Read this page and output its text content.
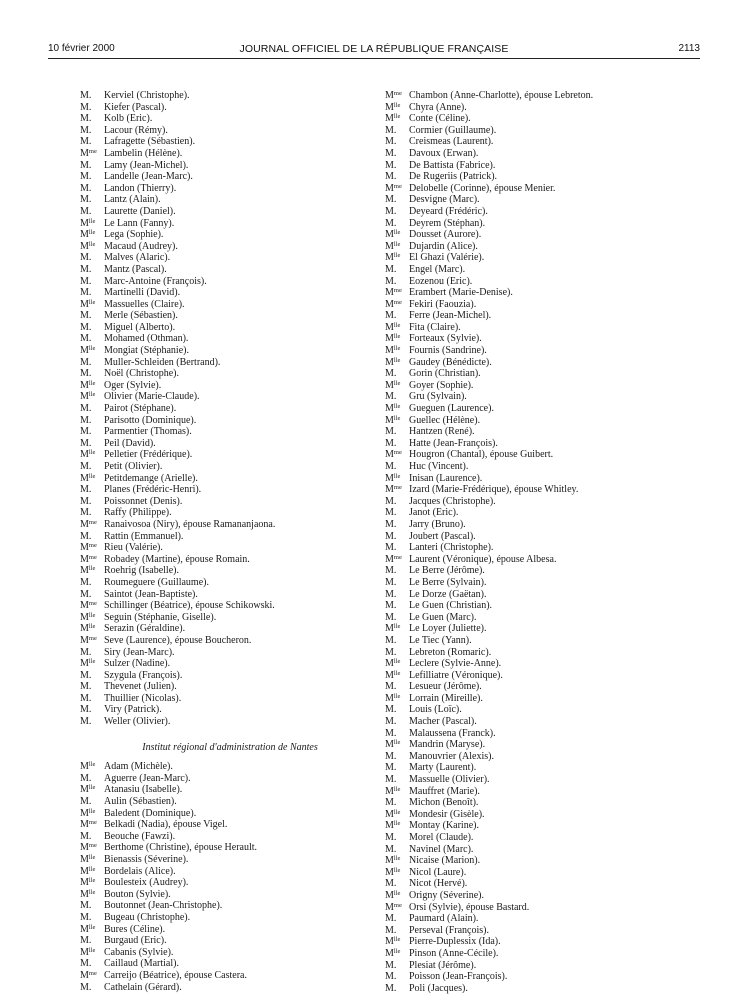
10 février 2000	JOURNAL OFFICIEL DE LA RÉPUBLIQUE FRANÇAISE	2113
M.	Kerviel (Christophe).
M.	Kiefer (Pascal).
M.	Kolb (Eric).
M.	Lacour (Rémy).
M.	Lafragette (Sébastien).
$M^{me}$ Lambelin (Hélène).
M.	Lamy (Jean-Michel).
M.	Landelle (Jean-Marc).
M.	Landon (Thierry).
M.	Lantz (Alain).
M.	Laurette (Daniel).
$M^{lle}$ Le Lann (Fanny).
$M^{lle}$ Lega (Sophie).
$M^{lle}$ Macaud (Audrey).
M.	Malves (Alaric).
M.	Mantz (Pascal).
M.	Marc-Antoine (François).
M.	Martinelli (David).
$M^{lle}$ Massuelles (Claire).
M.	Merle (Sébastien).
M.	Miguel (Alberto).
M.	Mohamed (Othman).
$M^{lle}$ Mongiat (Stéphanie).
M.	Muller-Schleiden (Bertrand).
M.	Noël (Christophe).
$M^{lle}$ Oger (Sylvie).
$M^{lle}$ Olivier (Marie-Claude).
M.	Pairot (Stéphane).
M.	Parisotto (Dominique).
M.	Parmentier (Thomas).
M.	Peil (David).
$M^{lle}$ Pelletier (Frédérique).
M.	Petit (Olivier).
$M^{lle}$ Petitdemange (Arielle).
M.	Planes (Frédéric-Henri).
M.	Poissonnet (Denis).
M.	Raffy (Philippe).
$M^{me}$ Ranaivosoa (Niry), épouse Ramananjaona.
M.	Rattin (Emmanuel).
$M^{me}$ Rieu (Valérie).
$M^{me}$ Robadey (Martine), épouse Romain.
$M^{lle}$ Roehrig (Isabelle).
M.	Roumeguere (Guillaume).
M.	Saintot (Jean-Baptiste).
$M^{me}$ Schillinger (Béatrice), épouse Schikowski.
$M^{lle}$ Seguin (Stéphanie, Giselle).
$M^{lle}$ Serazin (Géraldine).
$M^{me}$ Seve (Laurence), épouse Boucheron.
M.	Siry (Jean-Marc).
$M^{lle}$ Sulzer (Nadine).
M.	Szygula (François).
M.	Thevenet (Julien).
M.	Thuillier (Nicolas).
M.	Viry (Patrick).
M.	Weller (Olivier).
Institut régional d'administration de Nantes
$M^{lle}$ Adam (Michèle).
M.	Aguerre (Jean-Marc).
$M^{lle}$ Atanasiu (Isabelle).
M.	Aulin (Sébastien).
$M^{lle}$ Baledent (Dominique).
$M^{me}$ Belkadi (Nadia), épouse Vigel.
M.	Beouche (Fawzi).
$M^{me}$ Berthome (Christine), épouse Herault.
$M^{lle}$ Bienassis (Séverine).
$M^{lle}$ Bordelais (Alice).
$M^{lle}$ Boulesteix (Audrey).
$M^{lle}$ Bouton (Sylvie).
M.	Boutonnet (Jean-Christophe).
M.	Bugeau (Christophe).
$M^{lle}$ Bures (Céline).
M.	Burgaud (Eric).
$M^{lle}$ Cabanis (Sylvie).
M.	Caillaud (Martial).
$M^{me}$ Carreijo (Béatrice), épouse Castera.
M.	Cathelain (Gérard).
$M^{me}$ Chambon (Anne-Charlotte), épouse Lebreton.
$M^{lle}$ Chyra (Anne).
$M^{lle}$ Conte (Céline).
M.	Cormier (Guillaume).
M.	Creismeas (Laurent).
M.	Davoux (Erwan).
M.	De Battista (Fabrice).
M.	De Rugeriis (Patrick).
$M^{me}$ Delobelle (Corinne), épouse Menier.
M.	Desvigne (Marc).
M.	Deyeard (Frédéric).
M.	Deyrem (Stéphan).
$M^{lle}$ Dousset (Aurore).
$M^{lle}$ Dujardin (Alice).
$M^{lle}$ El Ghazi (Valérie).
M.	Engel (Marc).
M.	Eozenou (Eric).
$M^{me}$ Erambert (Marie-Denise).
$M^{me}$ Fekiri (Faouzia).
M.	Ferre (Jean-Michel).
$M^{lle}$ Fita (Claire).
$M^{lle}$ Forteaux (Sylvie).
$M^{lle}$ Fournis (Sandrine).
$M^{lle}$ Gaudey (Bénédicte).
M.	Gorin (Christian).
$M^{lle}$ Goyer (Sophie).
M.	Gru (Sylvain).
$M^{lle}$ Gueguen (Laurence).
$M^{lle}$ Guellec (Hélène).
M.	Hantzen (René).
M.	Hatte (Jean-François).
$M^{me}$ Hougron (Chantal), épouse Guibert.
M.	Huc (Vincent).
$M^{lle}$ Inisan (Laurence).
$M^{me}$ Izard (Marie-Frédérique), épouse Whitley.
M.	Jacques (Christophe).
M.	Janot (Eric).
M.	Jarry (Bruno).
M.	Joubert (Pascal).
M.	Lanteri (Christophe).
$M^{me}$ Laurent (Véronique), épouse Albesa.
M.	Le Berre (Jérôme).
M.	Le Berre (Sylvain).
M.	Le Dorze (Gaëtan).
M.	Le Guen (Christian).
M.	Le Guen (Marc).
$M^{lle}$ Le Loyer (Juliette).
M.	Le Tiec (Yann).
M.	Lebreton (Romaric).
$M^{lle}$ Leclere (Sylvie-Anne).
$M^{lle}$ Lefilliatre (Véronique).
M.	Lesueur (Jérôme).
$M^{lle}$ Lorrain (Mireille).
M.	Louis (Loïc).
M.	Macher (Pascal).
M.	Malaussena (Franck).
$M^{lle}$ Mandrin (Maryse).
M.	Manouvrier (Alexis).
M.	Marty (Laurent).
M.	Massuelle (Olivier).
$M^{lle}$ Mauffret (Marie).
M.	Michon (Benoît).
$M^{lle}$ Mondesir (Gisèle).
$M^{lle}$ Montay (Karine).
M.	Morel (Claude).
M.	Navinel (Marc).
$M^{lle}$ Nicaise (Marion).
$M^{lle}$ Nicol (Laure).
M.	Nicot (Hervé).
$M^{lle}$ Origny (Séverine).
$M^{me}$ Orsi (Sylvie), épouse Bastard.
M.	Paumard (Alain).
M.	Perseval (François).
$M^{lle}$ Pierre-Duplessix (Ida).
$M^{lle}$ Pinson (Anne-Cécile).
M.	Plesiat (Jérôme).
M.	Poisson (Jean-François).
M.	Poli (Jacques).
